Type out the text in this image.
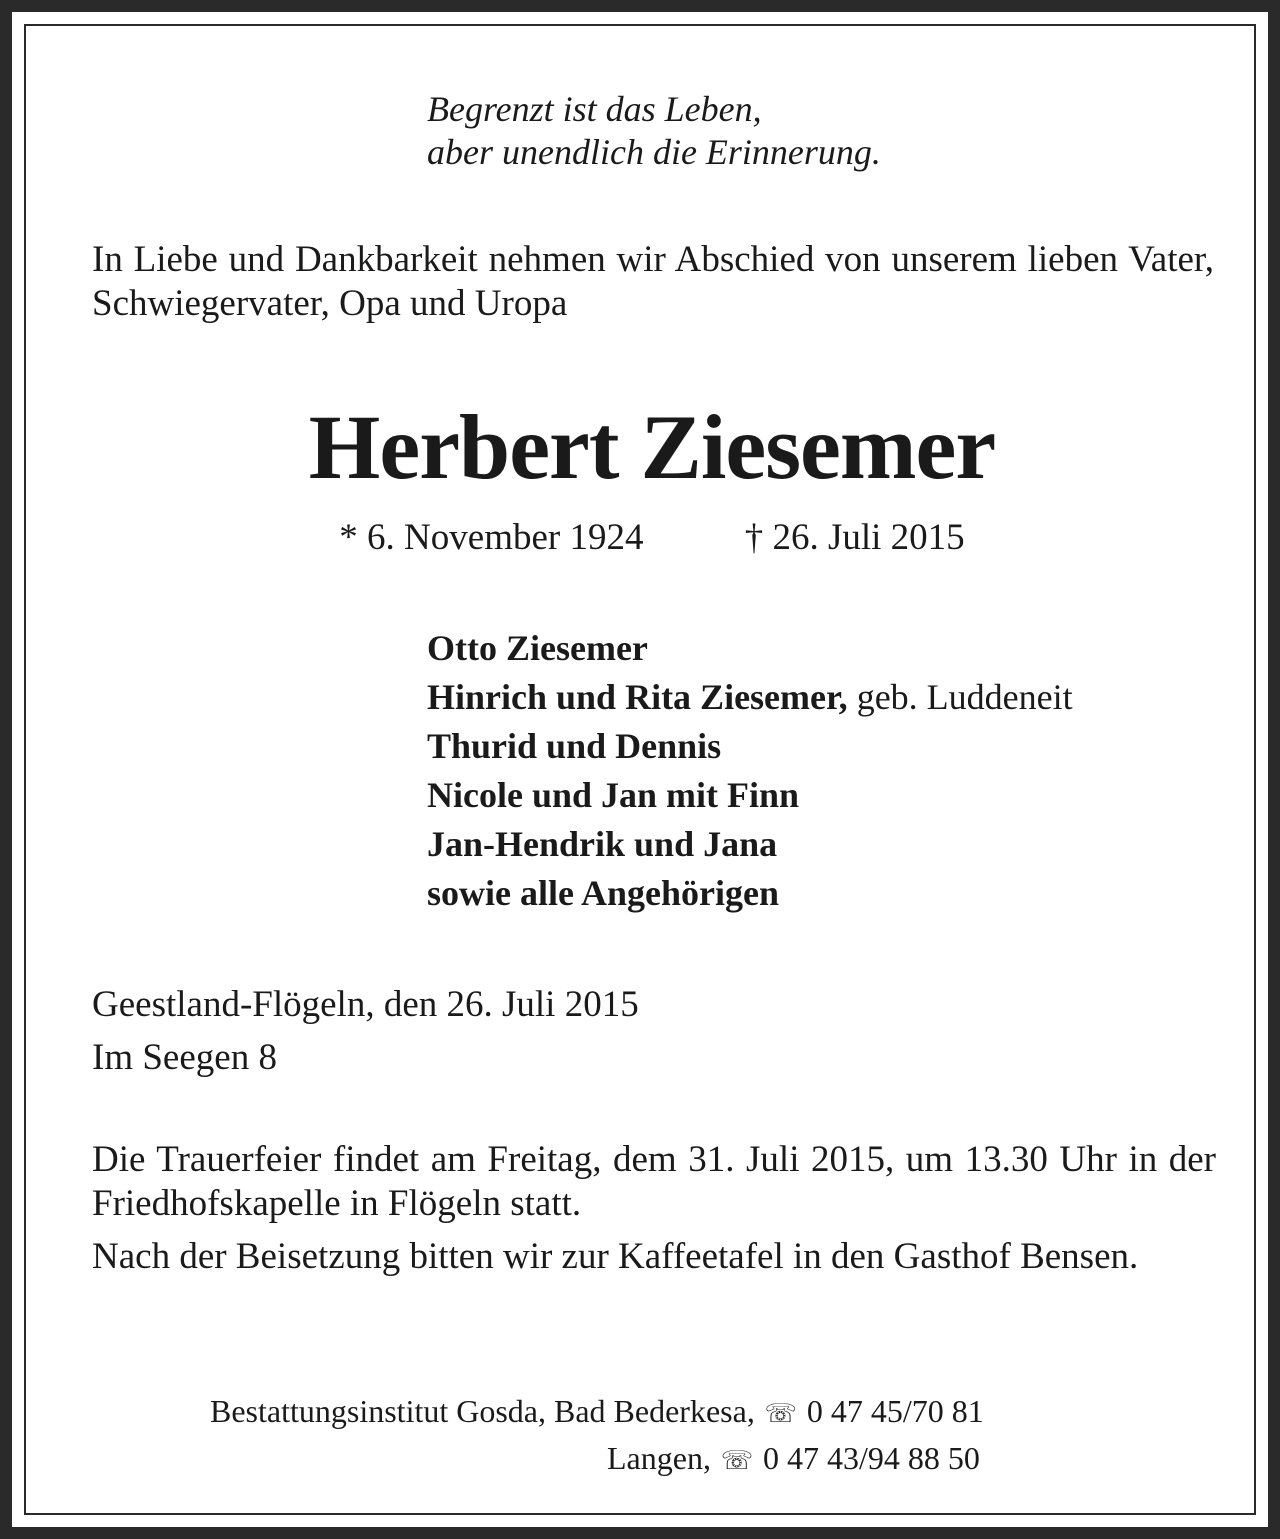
Begrenzt ist das Leben,
aber unendlich die Erinnerung.
In Liebe und Dankbarkeit nehmen wir Abschied von unserem lieben Vater, Schwiegervater, Opa und Uropa
Herbert Ziesemer
* 6. November 1924	† 26. Juli 2015
Otto Ziesemer
Hinrich und Rita Ziesemer, geb. Luddeneit
Thurid und Dennis
Nicole und Jan mit Finn
Jan-Hendrik und Jana
sowie alle Angehörigen
Geestland-Flögeln, den 26. Juli 2015
Im Seegen 8

Die Trauerfeier findet am Freitag, dem 31. Juli 2015, um 13.30 Uhr in der Friedhofskapelle in Flögeln statt.

Nach der Beisetzung bitten wir zur Kaffeetafel in den Gasthof Bensen.

Bestattungsinstitut Gosda, Bad Bederkesa, ☏ 0 47 45/70 81
Langen, ☏ 0 47 43/94 88 50
